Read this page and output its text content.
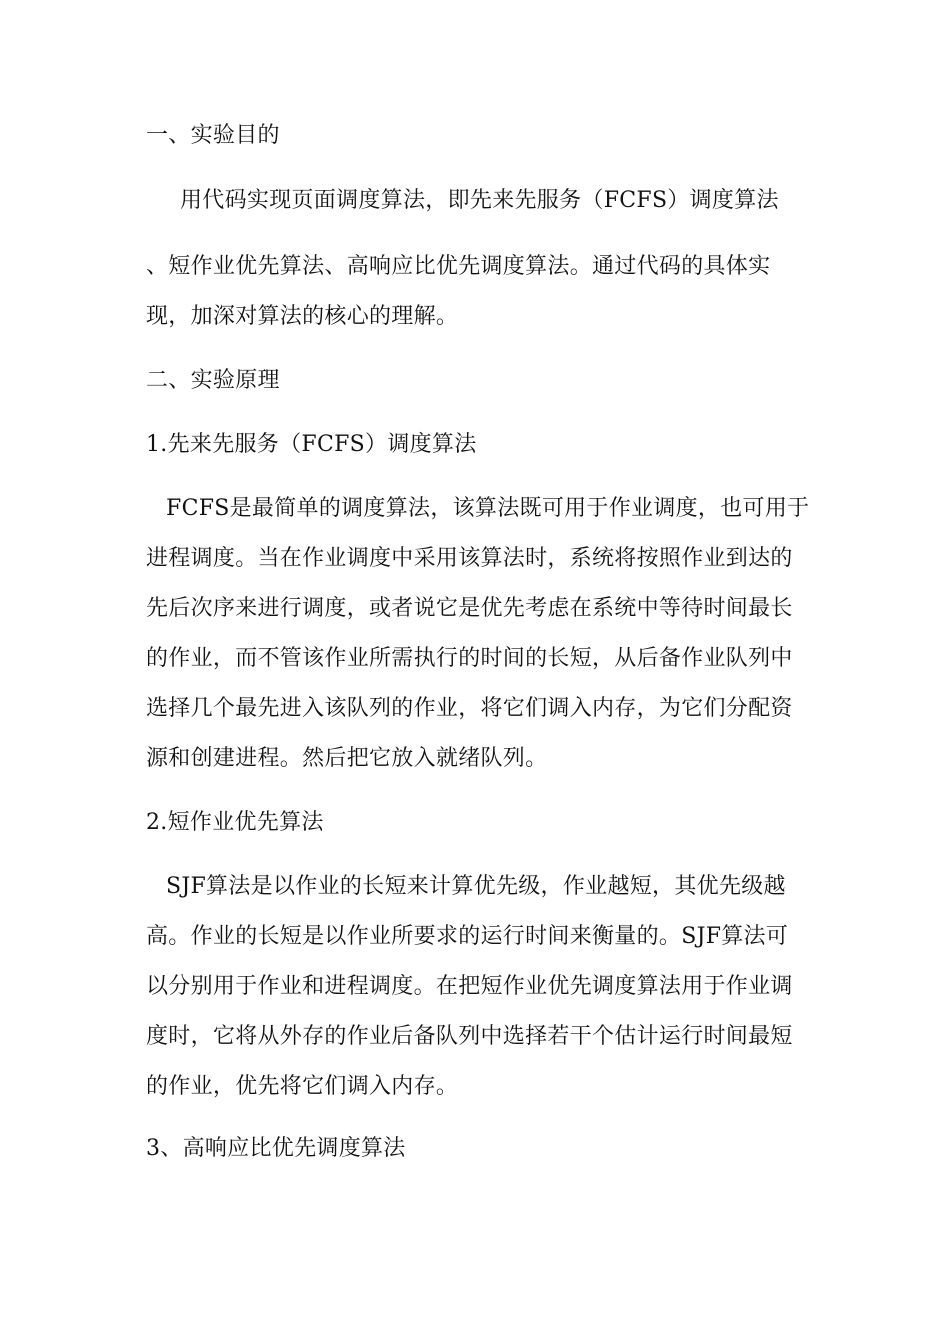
一、实验目的
用代码实现页面调度算法，即先来先服务（FCFS）调度算法
、短作业优先算法、高响应比优先调度算法。通过代码的具体实
现，加深对算法的核心的理解。
二、实验原理
1.先来先服务（FCFS）调度算法
FCFS是最简单的调度算法，该算法既可用于作业调度，也可用于
进程调度。当在作业调度中采用该算法时，系统将按照作业到达的
先后次序来进行调度，或者说它是优先考虑在系统中等待时间最长
的作业，而不管该作业所需执行的时间的长短，从后备作业队列中
选择几个最先进入该队列的作业，将它们调入内存，为它们分配资
源和创建进程。然后把它放入就绪队列。
2.短作业优先算法
SJF算法是以作业的长短来计算优先级，作业越短，其优先级越
高。作业的长短是以作业所要求的运行时间来衡量的。SJF算法可
以分别用于作业和进程调度。在把短作业优先调度算法用于作业调
度时，它将从外存的作业后备队列中选择若干个估计运行时间最短
的作业，优先将它们调入内存。
3、高响应比优先调度算法
